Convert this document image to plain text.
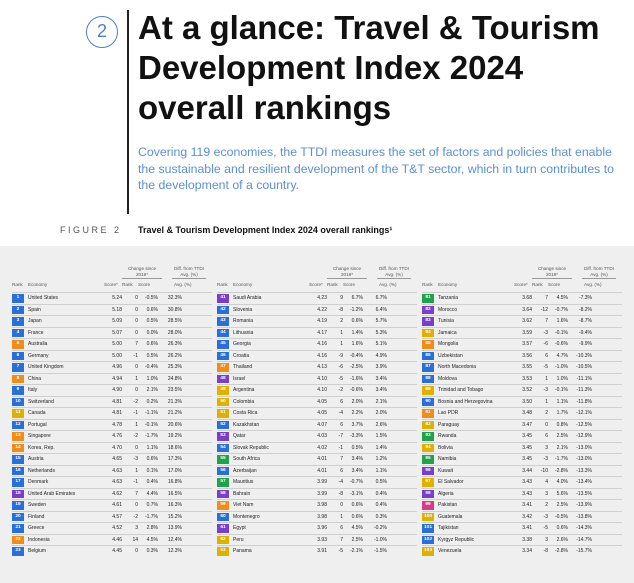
2 At a glance: Travel & Tourism Development Index 2024 overall rankings

Covering 119 economies, the TTDI measures the set of factors and policies that enable the sustainable and resilient development of the T&T sector, which in turn contributes to the development of a country.

FIGURE 2 Travel & Tourism Development Index 2024 overall rankings¹
Rank Economy	Score*
Change since 2019*
Diff. from TTDI Avg. (%)
Rank Score	Avg. (%)
1	United States	5.24	0	-0.5%	32.3%
2	Spain	5.18	0	0.6%	30.8%
3	Japan	5.09	0	0.5%	28.5%
4	France	5.07	0	0.0%	28.0%
5	Australia	5.00	7	0.6%	26.3%
6	Germany	5.00	-1	0.5%	26.2%
7	United Kingdom	4.96	0	-0.4%	25.3%
8	China	4.94	1	1.0%	24.8%
9	Italy	4.90	0	2.1%	23.5%
10	Switzerland	4.81	-2	0.2%	21.3%
11	Canada	4.81	-1	-1.1%	21.2%
12	Portugal	4.78	1	-0.1%	20.6%
13	Singapore	4.76	-2	-1.7%	19.2%
14	Korea, Rep.	4.70	0	1.1%	18.6%
15	Austria	4.65	-3	0.6%	17.3%
16	Netherlands	4.63	1	0.1%	17.0%
17	Denmark	4.63	-1	0.4%	16.8%
18	United Arab Emirates	4.62	7	4.4%	16.5%
19	Sweden	4.61	0	0.7%	16.3%
20	Finland	4.57	-2	-1.7%	15.2%
21	Greece	4.52	3	2.8%	13.9%
22	Indonesia	4.46	14	4.5%	12.4%
23	Belgium	4.45	0	0.3%	12.3%
Rank Economy	Score*
Change since 2019*
Diff. from TTDI Avg. (%)
Rank Score	Avg. (%)
41	Saudi Arabia	4.23	9	6.7%	6.7%
42	Slovenia	4.22	-8	-1.2%	6.4%
43	Romania	4.19	2	0.6%	5.7%
44	Lithuania	4.17	1	1.4%	5.3%
45	Georgia	4.16	1	1.6%	5.1%
46	Croatia	4.16	-9	-0.4%	4.9%
47	Thailand	4.13	-6	-2.5%	3.9%
48	Israel	4.10	-5	-1.6%	3.4%
49	Argentina	4.10	-2	-0.6%	3.4%
50	Colombia	4.05	6	2.0%	2.1%
51	Costa Rica	4.05	-4	2.2%	2.0%
52	Kazakhstan	4.07	6	3.7%	2.6%
53	Qatar	4.03	-7	-3.3%	1.5%
54	Slovak Republic	4.02	-1	0.5%	1.4%
55	South Africa	4.01	7	3.4%	1.2%
56	Azerbaijan	4.01	6	3.4%	1.1%
57	Mauritius	3.99	-4	-0.7%	0.5%
58	Bahrain	3.99	-8	-3.1%	0.4%
59	Viet Nam	3.98	0	0.6%	0.4%
60	Montenegro	3.98	1	0.6%	0.3%
61	Egypt	3.96	6	4.5%	-0.2%
62	Peru	3.93	7	2.5%	-1.0%
63	Panama	3.91	-5	-2.1%	-1.5%
Rank Economy	Score*
Change since 2019*
Diff. from TTDI Avg. (%)
Rank Score	Avg. (%)
81	Tanzania	3.68	7	4.5%	-7.3%
82	Morocco	3.64	-12	-0.7%	-8.2%
83	Tunisia	3.62	7	1.6%	-8.7%
84	Jamaica	3.59	-3	-0.1%	-9.4%
85	Mongolia	3.57	-6	-0.6%	-9.9%
86	Uzbekistan	3.56	6	4.7%	-10.3%
87	North Macedonia	3.55	-5	-1.0%	-10.5%
88	Moldova	3.53	1	1.0%	-11.1%
89	Trinidad and Tobago	3.52	-3	-0.1%	-11.3%
90	Bosnia and Herzegovina	3.50	1	1.1%	-11.8%
91	Lao PDR	3.48	2	1.7%	-12.1%
92	Paraguay	3.47	0	0.8%	-12.5%
93	Rwanda	3.45	6	2.5%	-12.9%
94	Bolivia	3.45	3	2.1%	-13.0%
95	Namibia	3.45	-3	-1.7%	-13.0%
96	Kuwait	3.44	-10	-2.8%	-13.3%
97	El Salvador	3.43	4	4.0%	-13.4%
98	Algeria	3.43	3	5.6%	-13.5%
99	Pakistan	3.41	2	2.5%	-13.9%
100	Guatemala	3.42	-3	-0.5%	-13.8%
101	Tajikistan	3.41	-5	0.6%	-14.3%
102	Kyrgyz Republic	3.38	3	2.6%	-14.7%
103	Venezuela	3.34	-8	-2.8%	-15.7%
